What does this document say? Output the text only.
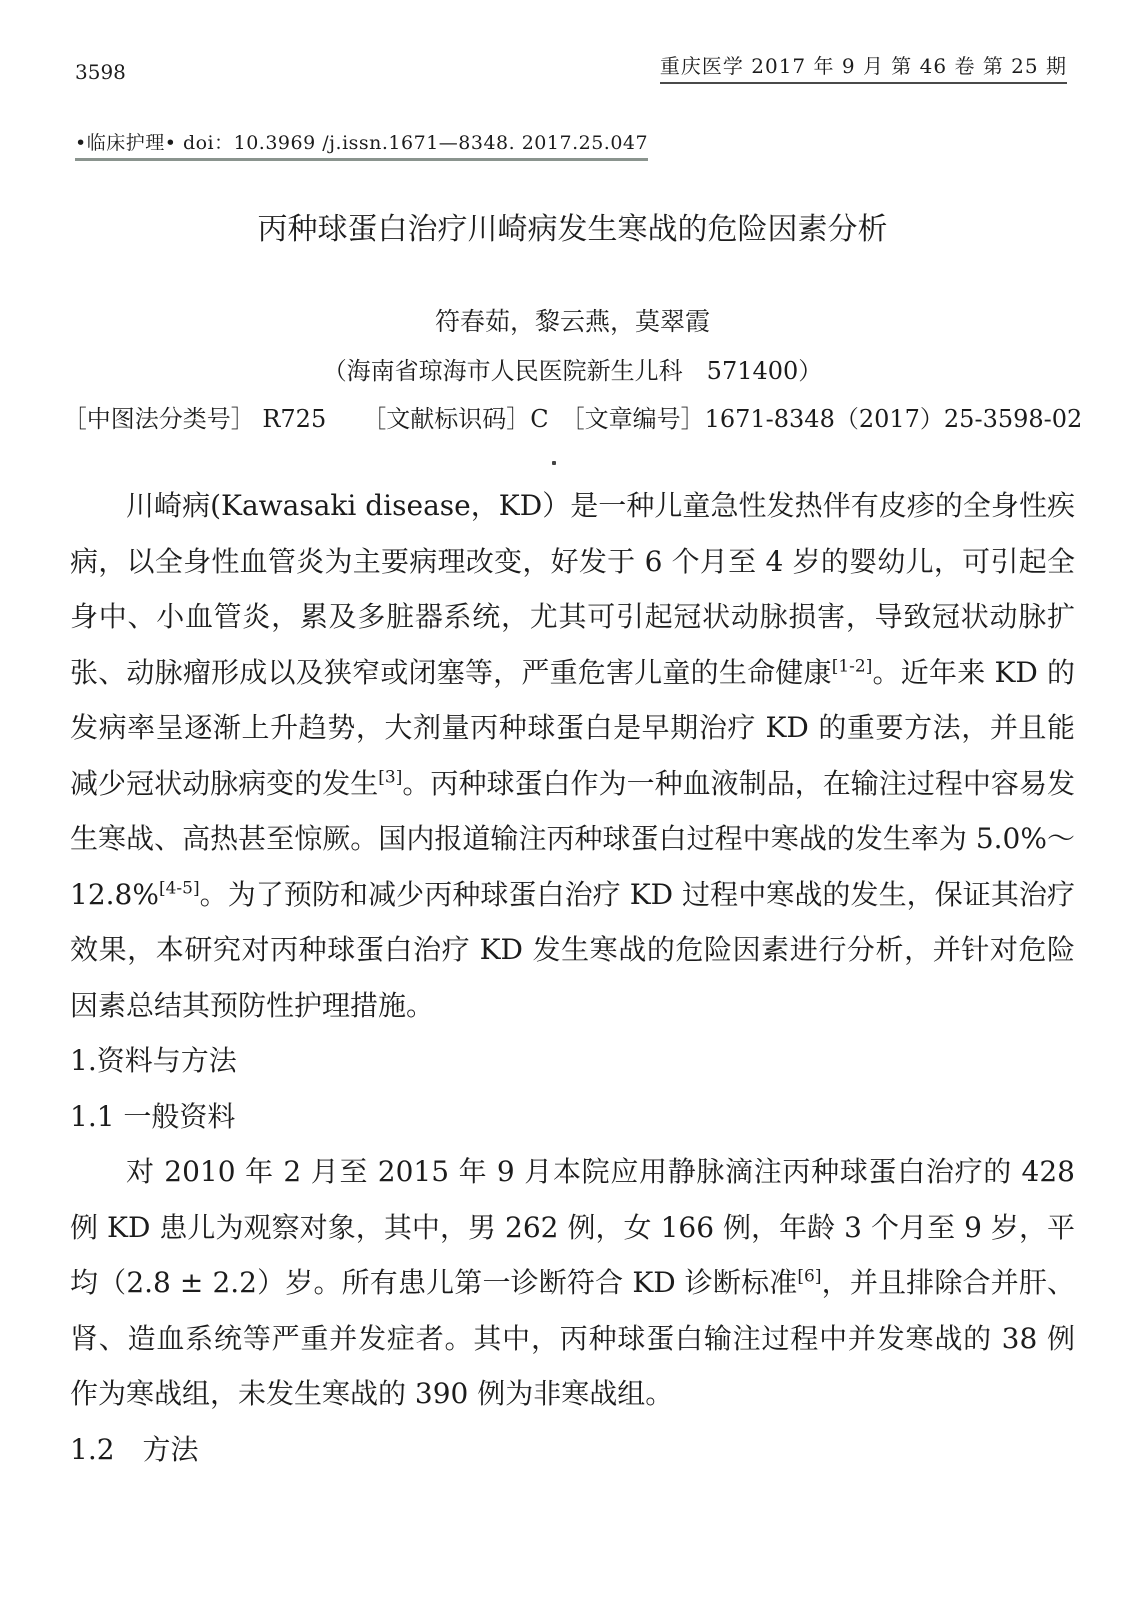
3598	重庆医学 2017 年 9 月 第 46 卷 第 25 期
•临床护理• doi：10.3969 /j.issn.1671—8348. 2017.25.047
丙种球蛋白治疗川崎病发生寒战的危险因素分析
符春茹，黎云燕，莫翠霞
（海南省琼海市人民医院新生儿科　571400）
［中图法分类号］ R725　　［文献标识码］C　［文章编号］1671-8348（2017）25-3598-02

川崎病(Kawasaki disease，KD）是一种儿童急性发热伴有皮疹的全身性疾病，以全身性血管炎为主要病理改变，好发于 6 个月至 4 岁的婴幼儿，可引起全身中、小血管炎，累及多脏器系统，尤其可引起冠状动脉损害，导致冠状动脉扩张、动脉瘤形成以及狭窄或闭塞等，严重危害儿童的生命健康[1-2]。近年来 KD 的发病率呈逐渐上升趋势，大剂量丙种球蛋白是早期治疗 KD 的重要方法，并且能减少冠状动脉病变的发生[3]。丙种球蛋白作为一种血液制品，在输注过程中容易发生寒战、高热甚至惊厥。国内报道输注丙种球蛋白过程中寒战的发生率为 5.0%～12.8%[4-5]。为了预防和减少丙种球蛋白治疗 KD 过程中寒战的发生，保证其治疗效果，本研究对丙种球蛋白治疗 KD 发生寒战的危险因素进行分析，并针对危险因素总结其预防性护理措施。

1.资料与方法
1.1 一般资料

对 2010 年 2 月至 2015 年 9 月本院应用静脉滴注丙种球蛋白治疗的 428 例 KD 患儿为观察对象，其中，男 262 例，女 166 例，年龄 3 个月至 9 岁，平均（2.8 ± 2.2）岁。所有患儿第一诊断符合 KD 诊断标准[6]，并且排除合并肝、肾、造血系统等严重并发症者。其中，丙种球蛋白输注过程中并发寒战的 38 例作为寒战组，未发生寒战的 390 例为非寒战组。

1.2　方法
